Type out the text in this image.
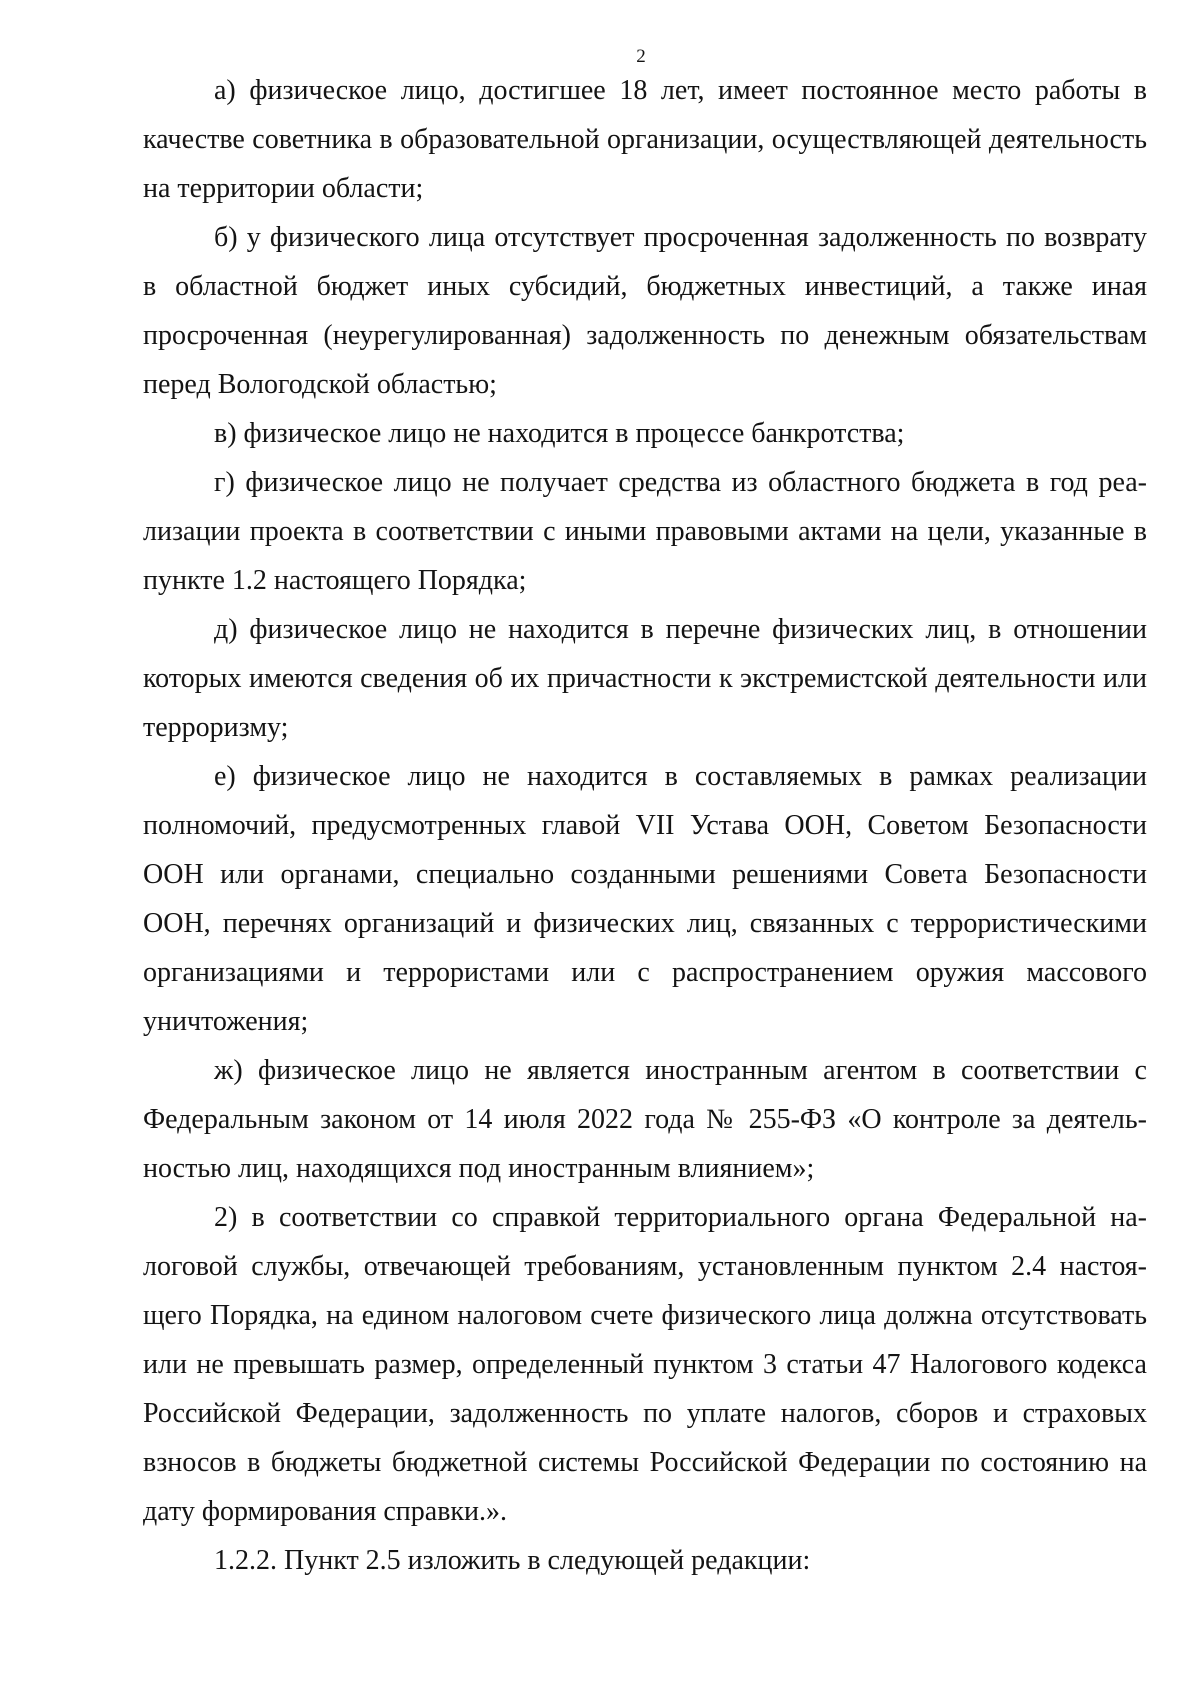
2

а) физическое лицо, достигшее 18 лет, имеет постоянное место работы в качестве советника в образовательной организации, осуществляющей деятельность на территории области;

б) у физического лица отсутствует просроченная задолженность по возврату в областной бюджет иных субсидий, бюджетных инвестиций, а также иная просроченная (неурегулированная) задолженность по денежным обязательствам перед Вологодской областью;

в) физическое лицо не находится в процессе банкротства;

г) физическое лицо не получает средства из областного бюджета в год реализации проекта в соответствии с иными правовыми актами на цели, указанные в пункте 1.2 настоящего Порядка;

д) физическое лицо не находится в перечне физических лиц, в отношении которых имеются сведения об их причастности к экстремистской деятельности или терроризму;

е) физическое лицо не находится в составляемых в рамках реализации полномочий, предусмотренных главой VII Устава ООН, Советом Безопасности ООН или органами, специально созданными решениями Совета Безопасности ООН, перечнях организаций и физических лиц, связанных с террористическими организациями и террористами или с распространением оружия массового уничтожения;

ж) физическое лицо не является иностранным агентом в соответствии с Федеральным законом от 14 июля 2022 года № 255-ФЗ «О контроле за деятельностью лиц, находящихся под иностранным влиянием»;

2) в соответствии со справкой территориального органа Федеральной налоговой службы, отвечающей требованиям, установленным пунктом 2.4 настоящего Порядка, на едином налоговом счете физического лица должна отсутствовать или не превышать размер, определенный пунктом 3 статьи 47 Налогового кодекса Российской Федерации, задолженность по уплате налогов, сборов и страховых взносов в бюджеты бюджетной системы Российской Федерации по состоянию на дату формирования справки.».

1.2.2. Пункт 2.5 изложить в следующей редакции:
